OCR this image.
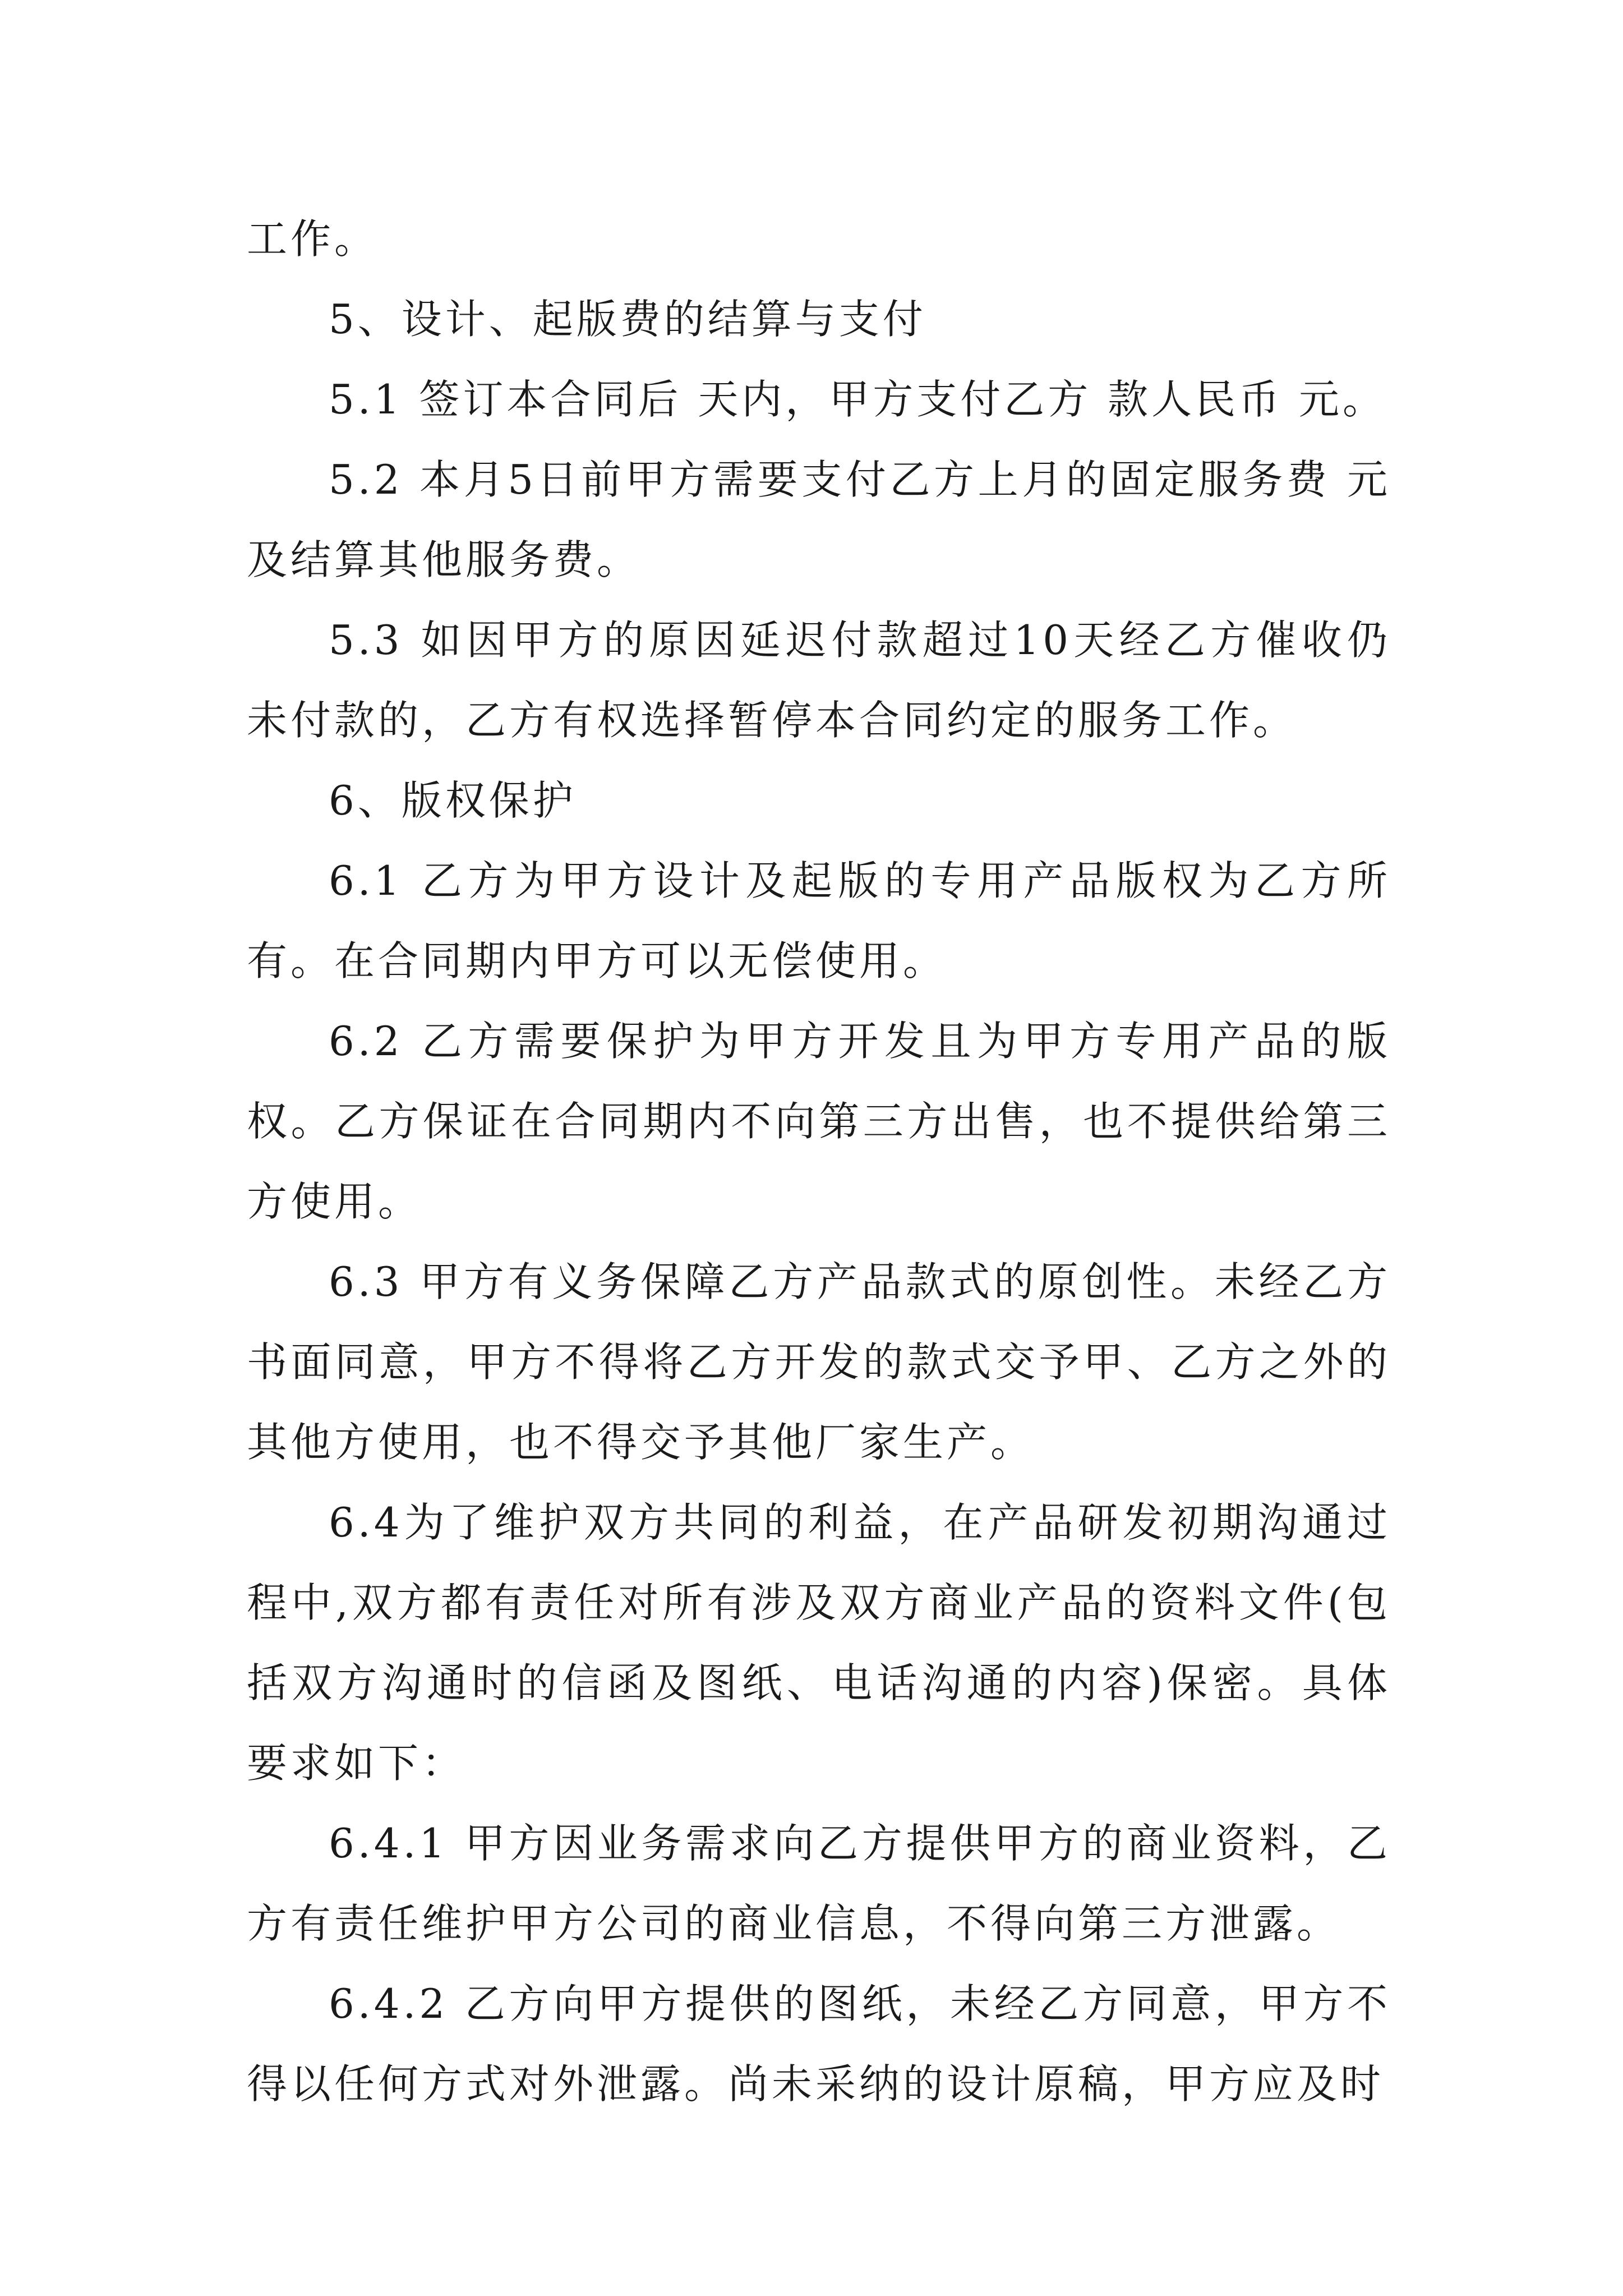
工作。

5、设计、起版费的结算与支付

5.1 签订本合同后 天内，甲方支付乙方 款人民币 元。

5.2 本月5日前甲方需要支付乙方上月的固定服务费 元及结算其他服务费。

5.3 如因甲方的原因延迟付款超过10天经乙方催收仍未付款的，乙方有权选择暂停本合同约定的服务工作。

6、版权保护

6.1 乙方为甲方设计及起版的专用产品版权为乙方所有。在合同期内甲方可以无偿使用。

6.2 乙方需要保护为甲方开发且为甲方专用产品的版权。乙方保证在合同期内不向第三方出售，也不提供给第三方使用。

6.3 甲方有义务保障乙方产品款式的原创性。未经乙方书面同意，甲方不得将乙方开发的款式交予甲、乙方之外的其他方使用，也不得交予其他厂家生产。

6.4为了维护双方共同的利益，在产品研发初期沟通过程中,双方都有责任对所有涉及双方商业产品的资料文件(包括双方沟通时的信函及图纸、电话沟通的内容)保密。具体要求如下：

6.4.1 甲方因业务需求向乙方提供甲方的商业资料，乙方有责任维护甲方公司的商业信息，不得向第三方泄露。

6.4.2 乙方向甲方提供的图纸，未经乙方同意，甲方不得以任何方式对外泄露。尚未采纳的设计原稿，甲方应及时
